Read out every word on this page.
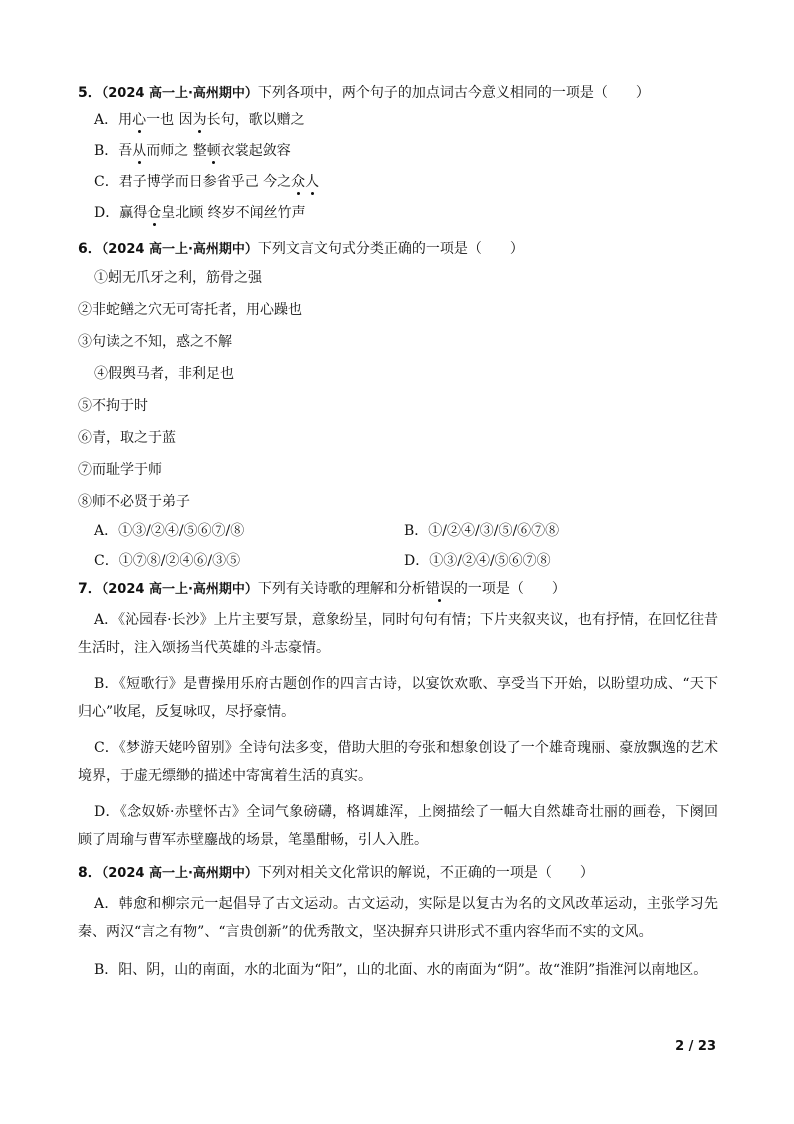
5．（2024 高一上·高州期中）下列各项中，两个句子的加点词古今意义相同的一项是（　　）
A．用心一也 因为长句，歌以赠之
B．吾从而师之 整顿衣裳起敛容
C．君子博学而日参省乎己 今之众人
D．赢得仓皇北顾 终岁不闻丝竹声
6．（2024 高一上·高州期中）下列文言文句式分类正确的一项是（　　）
①蚓无爪牙之利，筋骨之强
②非蛇鳝之穴无可寄托者，用心躁也
③句读之不知，惑之不解
④假舆马者，非利足也
⑤不拘于时
⑥青，取之于蓝
⑦而耻学于师
⑧师不必贤于弟子
A．①③/②④/⑤⑥⑦/⑧	B．①/②④/③/⑤/⑥⑦⑧
C．①⑦⑧/②④⑥/③⑤	D．①③/②④/⑤⑥⑦⑧
7．（2024 高一上·高州期中）下列有关诗歌的理解和分析错误的一项是（　　）
A．《沁园春·长沙》上片主要写景，意象纷呈，同时句句有情；下片夹叙夹议，也有抒情，在回忆往昔生活时，注入颂扬当代英雄的斗志豪情。
B．《短歌行》是曹操用乐府古题创作的四言古诗，以宴饮欢歌、享受当下开始，以盼望功成、“天下归心”收尾，反复咏叹，尽抒豪情。
C．《梦游天姥吟留别》全诗句法多变，借助大胆的夸张和想象创设了一个雄奇瑰丽、豪放飘逸的艺术境界，于虚无缥缈的描述中寄寓着生活的真实。
D．《念奴娇·赤壁怀古》全词气象磅礴，格调雄浑，上阕描绘了一幅大自然雄奇壮丽的画卷，下阕回顾了周瑜与曹军赤壁鏖战的场景，笔墨酣畅，引人入胜。
8．（2024 高一上·高州期中）下列对相关文化常识的解说，不正确的一项是（　　）
A．韩愈和柳宗元一起倡导了古文运动。古文运动，实际是以复古为名的文风改革运动，主张学习先秦、两汉“言之有物”、“言贵创新”的优秀散文，坚决摒弃只讲形式不重内容华而不实的文风。
B．阳、阴，山的南面，水的北面为“阳”，山的北面、水的南面为“阴”。故“淮阴”指淮河以南地区。
2 / 23
